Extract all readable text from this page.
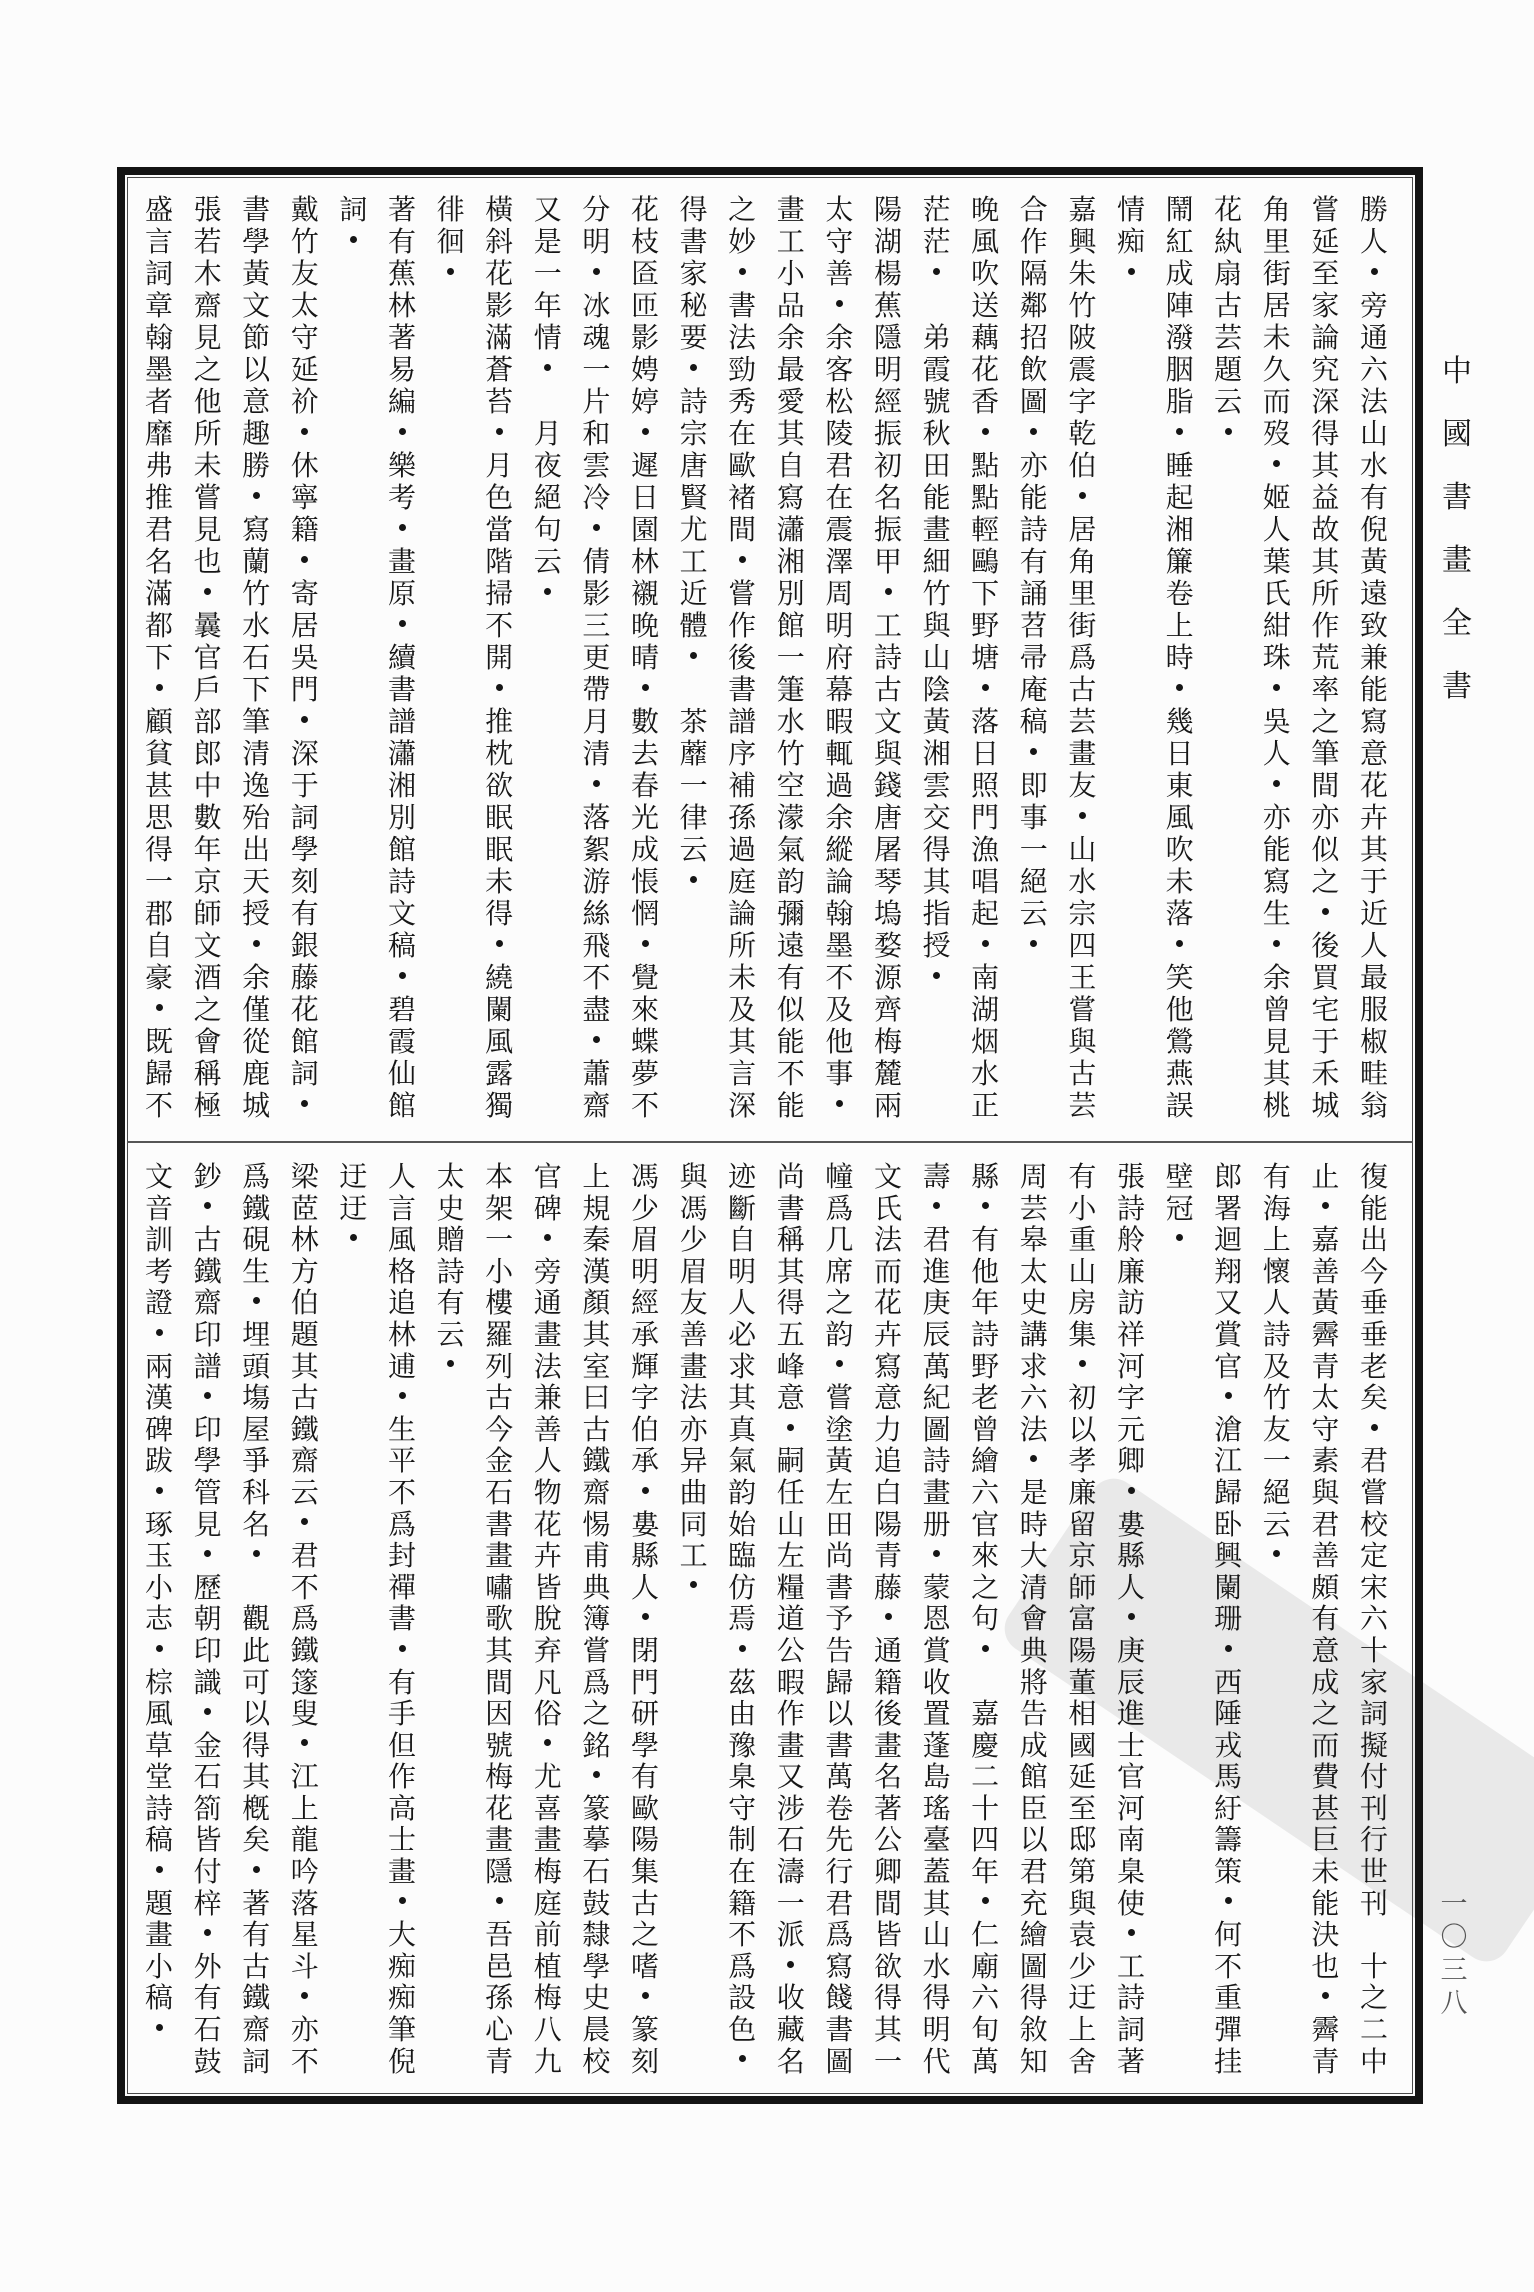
中
國
書
畫
全
書
一
〇
三
八
勝
人
旁
通
六
法
山
水
有
倪
黃
遠
致
兼
能
寫
意
花
卉
其
于
近
人
最
服
椒
畦
翁
嘗
延
至
家
論
究
深
得
其
益
故
其
所
作
荒
率
之
筆
間
亦
似
之
後
買
宅
于
禾
城
角
里
街
居
未
久
而
歿
姬
人
葉
氏
紺
珠
吳
人
亦
能
寫
生
余
曾
見
其
桃
花
紈
扇
古
芸
題
云
鬧
紅
成
陣
潑
胭
脂
睡
起
湘
簾
卷
上
時
幾
日
東
風
吹
未
落
笑
他
鶯
燕
誤
情
痴
嘉
興
朱
竹
陂
震
字
乾
伯
居
角
里
街
爲
古
芸
畫
友
山
水
宗
四
王
嘗
與
古
芸
合
作
隔
鄰
招
飲
圖
亦
能
詩
有
誦
苕
帚
庵
稿
即
事
一
絕
云
晚
風
吹
送
藕
花
香
點
點
輕
鷗
下
野
塘
落
日
照
門
漁
唱
起
南
湖
烟
水
正
茫
茫
弟
霞
號
秋
田
能
畫
細
竹
與
山
陰
黃
湘
雲
交
得
其
指
授
陽
湖
楊
蕉
隱
明
經
振
初
名
振
甲
工
詩
古
文
與
錢
唐
屠
琴
塢
婺
源
齊
梅
麓
兩
太
守
善
余
客
松
陵
君
在
震
澤
周
明
府
幕
暇
輒
過
余
縱
論
翰
墨
不
及
他
事
畫
工
小
品
余
最
愛
其
自
寫
瀟
湘
別
館
一
箑
水
竹
空
濛
氣
韵
彌
遠
有
似
能
不
能
之
妙
書
法
勁
秀
在
歐
褚
間
嘗
作
後
書
譜
序
補
孫
過
庭
論
所
未
及
其
言
深
得
書
家
秘
要
詩
宗
唐
賢
尤
工
近
體
茶
蘼
一
律
云
花
枝
匼
匝
影
娉
婷
遲
日
園
林
襯
晚
晴
數
去
春
光
成
悵
惘
覺
來
蝶
夢
不
分
明
冰
魂
一
片
和
雲
冷
倩
影
三
更
帶
月
清
落
絮
游
絲
飛
不
盡
蕭
齋
又
是
一
年
情
月
夜
絕
句
云
橫
斜
花
影
滿
蒼
苔
月
色
當
階
掃
不
開
推
枕
欲
眠
眠
未
得
繞
闌
風
露
獨
徘
徊
著
有
蕉
林
著
易
編
樂
考
畫
原
續
書
譜
瀟
湘
別
館
詩
文
稿
碧
霞
仙
館
詞
戴
竹
友
太
守
延
祄
休
寧
籍
寄
居
吳
門
深
于
詞
學
刻
有
銀
藤
花
館
詞
書
學
黃
文
節
以
意
趣
勝
寫
蘭
竹
水
石
下
筆
清
逸
殆
出
天
授
余
僅
從
鹿
城
張
若
木
齋
見
之
他
所
未
嘗
見
也
曩
官
戶
部
郎
中
數
年
京
師
文
酒
之
會
稱
極
盛
言
詞
章
翰
墨
者
靡
弗
推
君
名
滿
都
下
顧
貧
甚
思
得
一
郡
自
豪
既
歸
不
復
能
出
今
垂
垂
老
矣
君
嘗
校
定
宋
六
十
家
詞
擬
付
刊
行
世
刊
十
之
二
中
止
嘉
善
黃
霽
青
太
守
素
與
君
善
頗
有
意
成
之
而
費
甚
巨
未
能
決
也
霽
青
有
海
上
懷
人
詩
及
竹
友
一
絕
云
郎
署
迴
翔
又
賞
官
滄
江
歸
卧
興
闌
珊
西
陲
戎
馬
紆
籌
策
何
不
重
彈
挂
壁
冠
張
詩
舲
廉
訪
祥
河
字
元
卿
婁
縣
人
庚
辰
進
士
官
河
南
臬
使
工
詩
詞
著
有
小
重
山
房
集
初
以
孝
廉
留
京
師
富
陽
董
相
國
延
至
邸
第
與
袁
少
迂
上
舍
周
芸
皋
太
史
講
求
六
法
是
時
大
清
會
典
將
告
成
館
臣
以
君
充
繪
圖
得
敘
知
縣
有
他
年
詩
野
老
曾
繪
六
官
來
之
句
嘉
慶
二
十
四
年
仁
廟
六
旬
萬
壽
君
進
庚
辰
萬
紀
圖
詩
畫
册
蒙
恩
賞
收
置
蓬
島
瑤
臺
蓋
其
山
水
得
明
代
文
氏
法
而
花
卉
寫
意
力
追
白
陽
青
藤
通
籍
後
畫
名
著
公
卿
間
皆
欲
得
其
一
幢
爲
几
席
之
韵
嘗
塗
黃
左
田
尚
書
予
告
歸
以
書
萬
卷
先
行
君
爲
寫
餞
書
圖
尚
書
稱
其
得
五
峰
意
嗣
任
山
左
糧
道
公
暇
作
畫
又
涉
石
濤
一
派
收
藏
名
迹
斷
自
明
人
必
求
其
真
氣
韵
始
臨
仿
焉
茲
由
豫
臬
守
制
在
籍
不
爲
設
色
與
馮
少
眉
友
善
畫
法
亦
异
曲
同
工
馮
少
眉
明
經
承
輝
字
伯
承
婁
縣
人
閉
門
研
學
有
歐
陽
集
古
之
嗜
篆
刻
上
規
秦
漢
顏
其
室
曰
古
鐵
齋
惕
甫
典
簿
嘗
爲
之
銘
篆
摹
石
鼓
隸
學
史
晨
校
官
碑
旁
通
畫
法
兼
善
人
物
花
卉
皆
脫
弃
凡
俗
尤
喜
畫
梅
庭
前
植
梅
八
九
本
架
一
小
樓
羅
列
古
今
金
石
書
畫
嘯
歌
其
間
因
號
梅
花
畫
隱
吾
邑
孫
心
青
太
史
贈
詩
有
云
人
言
風
格
追
林
逋
生
平
不
爲
封
禪
書
有
手
但
作
高
士
畫
大
痴
痴
筆
倪
迂
迂
梁
茝
林
方
伯
題
其
古
鐵
齋
云
君
不
爲
鐵
篴
叟
江
上
龍
吟
落
星
斗
亦
不
爲
鐵
硯
生
埋
頭
塲
屋
爭
科
名
觀
此
可
以
得
其
槪
矣
著
有
古
鐵
齋
詞
鈔
古
鐵
齋
印
譜
印
學
管
見
歷
朝
印
識
金
石
箚
皆
付
梓
外
有
石
鼓
文
音
訓
考
證
兩
漢
碑
跋
琢
玉
小
志
棕
風
草
堂
詩
稿
題
畫
小
稿
